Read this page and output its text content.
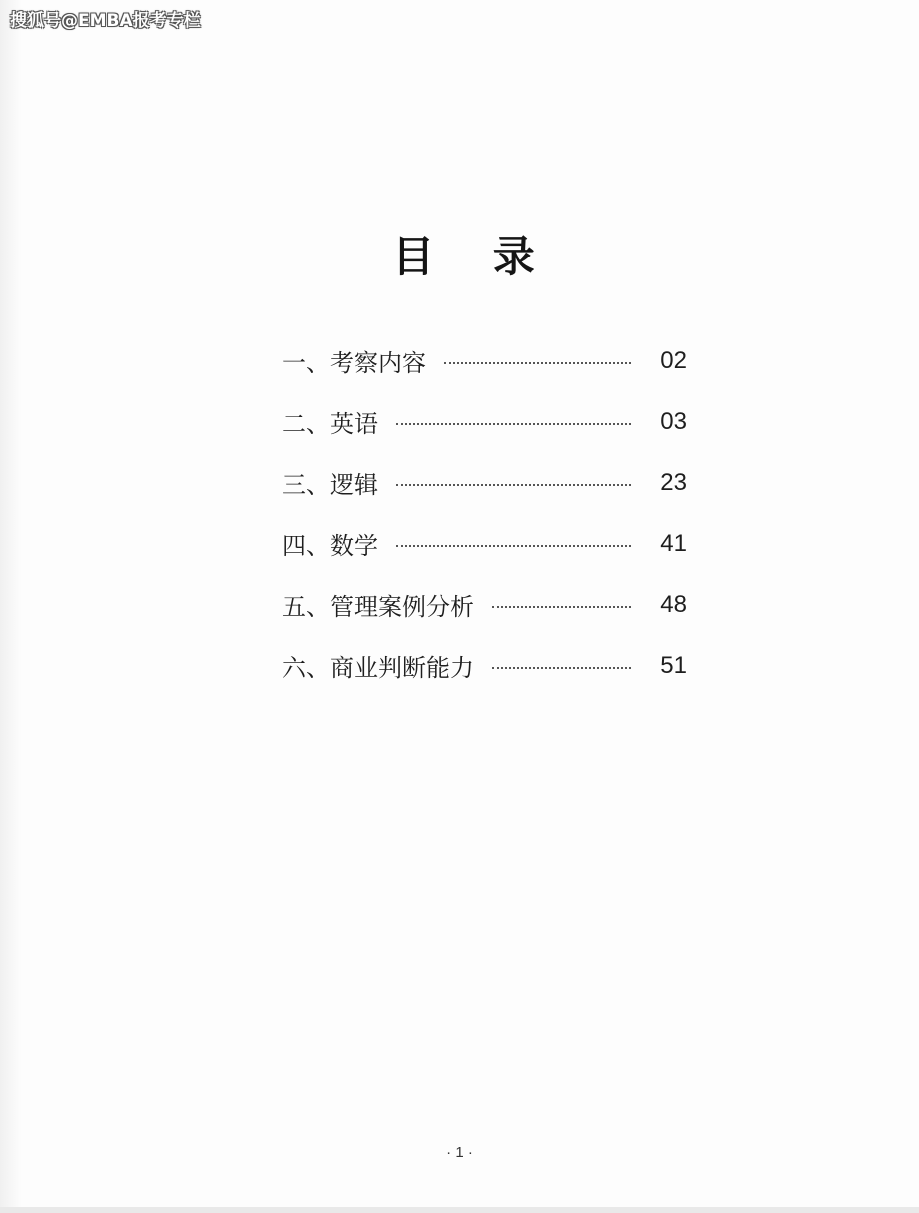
搜狐号@EMBA报考专栏
目 录
一、考察内容	02
二、英语	03
三、逻辑	23
四、数学	41
五、管理案例分析	48
六、商业判断能力	51
· 1 ·
